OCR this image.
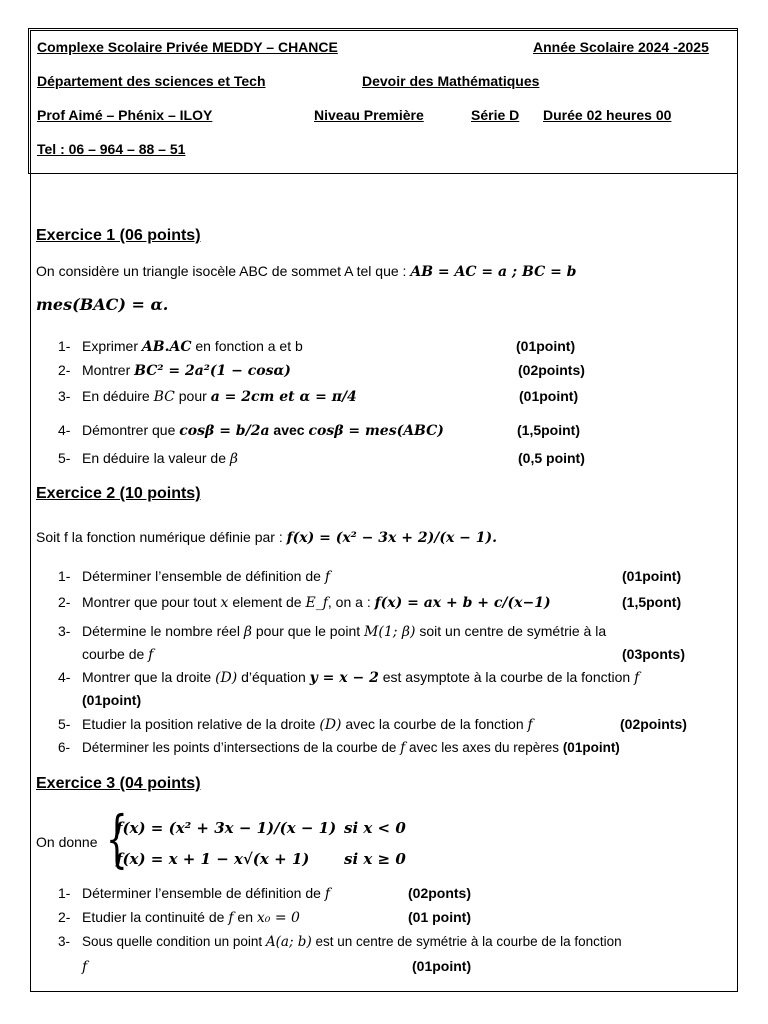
Complexe Scolaire Privée MEDDY – CHANCE	Année Scolaire 2024 -2025
Département des sciences et Tech	Devoir des Mathématiques
Prof Aimé – Phénix – ILOY	Niveau Première	Série D Durée 02 heures 00
Tel : 06 – 964 – 88 – 51
Exercice 1 (06 points)
On considère un triangle isocèle ABC de sommet A tel que : AB = AC = a ; BC = b
mes(BAC) = α.
1- Exprimer AB.AC en fonction a et b	(01point)
2- Montrer BC² = 2a²(1 − cosα)	(02points)
3- En déduire BC pour a = 2cm et α = π/4	(01point)
4- Démontrer que cosβ = b/2a avec cosβ = mes(ABC)	(1,5point)
5- En déduire la valeur de β	(0,5 point)
Exercice 2 (10 points)
Soit f la fonction numérique définie par : f(x) = (x² − 3x + 2)/(x − 1).
1- Déterminer l’ensemble de définition de f	(01point)
2- Montrer que pour tout x element de E_f, on a : f(x) = ax + b + c/(x−1)	(1,5pont)
3- Détermine le nombre réel β pour que le point M(1; β) soit un centre de symétrie à la
courbe de f	(03ponts)
4- Montrer que la droite (D) d’équation y = x − 2 est asymptote à la courbe de la fonction f
(01point)
5- Etudier la position relative de la droite (D) avec la courbe de la fonction f	(02points)
6- Déterminer les points d’intersections de la courbe de f avec les axes du repères (01point)
Exercice 3 (04 points)
On donne {
f(x) = (x² + 3x − 1)/(x − 1) si x < 0
f(x) = x + 1 − x√(x + 1) si x ≥ 0
1- Déterminer l’ensemble de définition de f	(02ponts)
2- Etudier la continuité de f en x₀ = 0	(01 point)
3- Sous quelle condition un point A(a; b) est un centre de symétrie à la courbe de la fonction
f	(01point)
